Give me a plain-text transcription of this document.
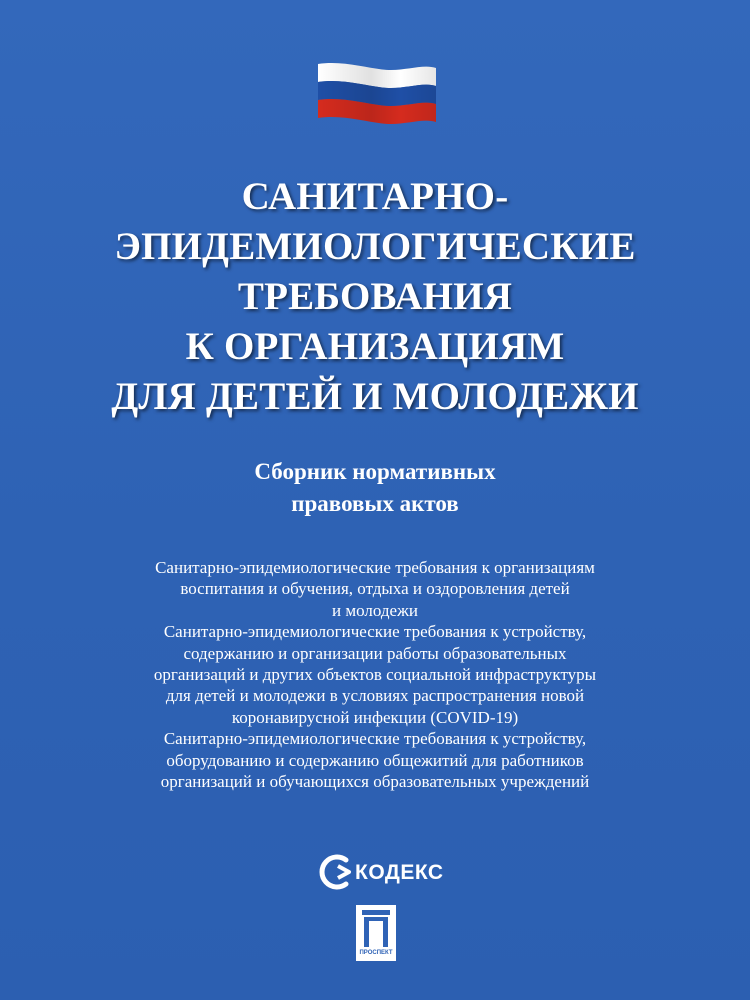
САНИТАРНО-
ЭПИДЕМИОЛОГИЧЕСКИЕ
ТРЕБОВАНИЯ
К ОРГАНИЗАЦИЯМ
ДЛЯ ДЕТЕЙ И МОЛОДЕЖИ
Сборник нормативных
правовых актов
Санитарно-эпидемиологические требования к организациям
воспитания и обучения, отдыха и оздоровления детей
и молодежи
Санитарно-эпидемиологические требования к устройству,
содержанию и организации работы образовательных
организаций и других объектов социальной инфраструктуры
для детей и молодежи в условиях распространения новой
коронавирусной инфекции (COVID-19)
Санитарно-эпидемиологические требования к устройству,
оборудованию и содержанию общежитий для работников
организаций и обучающихся образовательных учреждений
КОДЕКС
ПРОСПЕКТ
